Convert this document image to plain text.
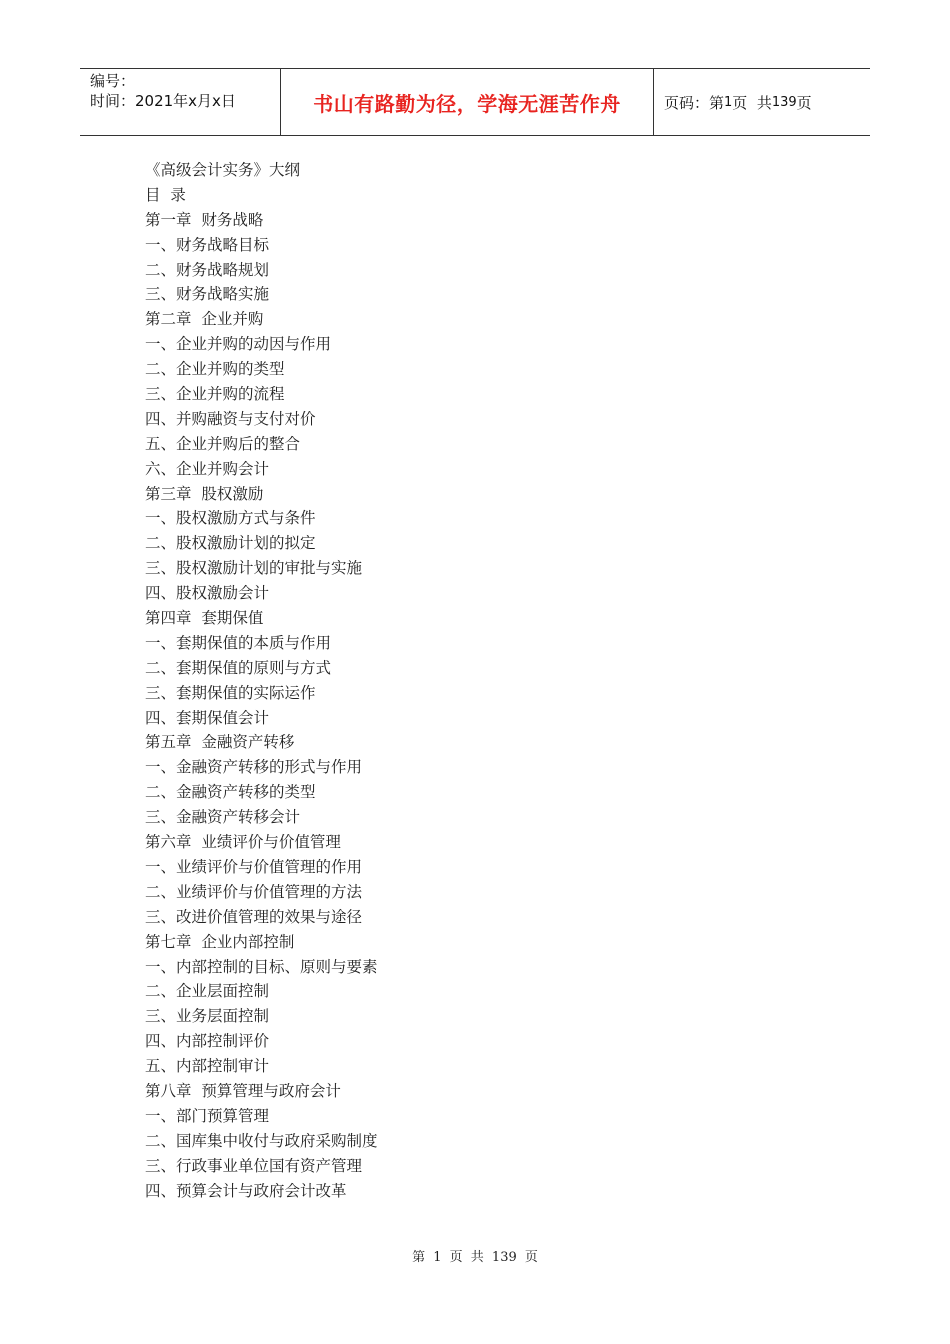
编号：
时间：2021年x月x日	书山有路勤为径，学海无涯苦作舟	页码：第 1 页  共 139 页
《高级会计实务》大纲
目  录
第一章  财务战略
一、财务战略目标
二、财务战略规划
三、财务战略实施
第二章  企业并购
一、企业并购的动因与作用
二、企业并购的类型
三、企业并购的流程
四、并购融资与支付对价
五、企业并购后的整合
六、企业并购会计
第三章  股权激励
一、股权激励方式与条件
二、股权激励计划的拟定
三、股权激励计划的审批与实施
四、股权激励会计
第四章  套期保值
一、套期保值的本质与作用
二、套期保值的原则与方式
三、套期保值的实际运作
四、套期保值会计
第五章  金融资产转移
一、金融资产转移的形式与作用
二、金融资产转移的类型
三、金融资产转移会计
第六章  业绩评价与价值管理
一、业绩评价与价值管理的作用
二、业绩评价与价值管理的方法
三、改进价值管理的效果与途径
第七章  企业内部控制
一、内部控制的目标、原则与要素
二、企业层面控制
三、业务层面控制
四、内部控制评价
五、内部控制审计
第八章  预算管理与政府会计
一、部门预算管理
二、国库集中收付与政府采购制度
三、行政事业单位国有资产管理
四、预算会计与政府会计改革
第 1 页 共 139 页
